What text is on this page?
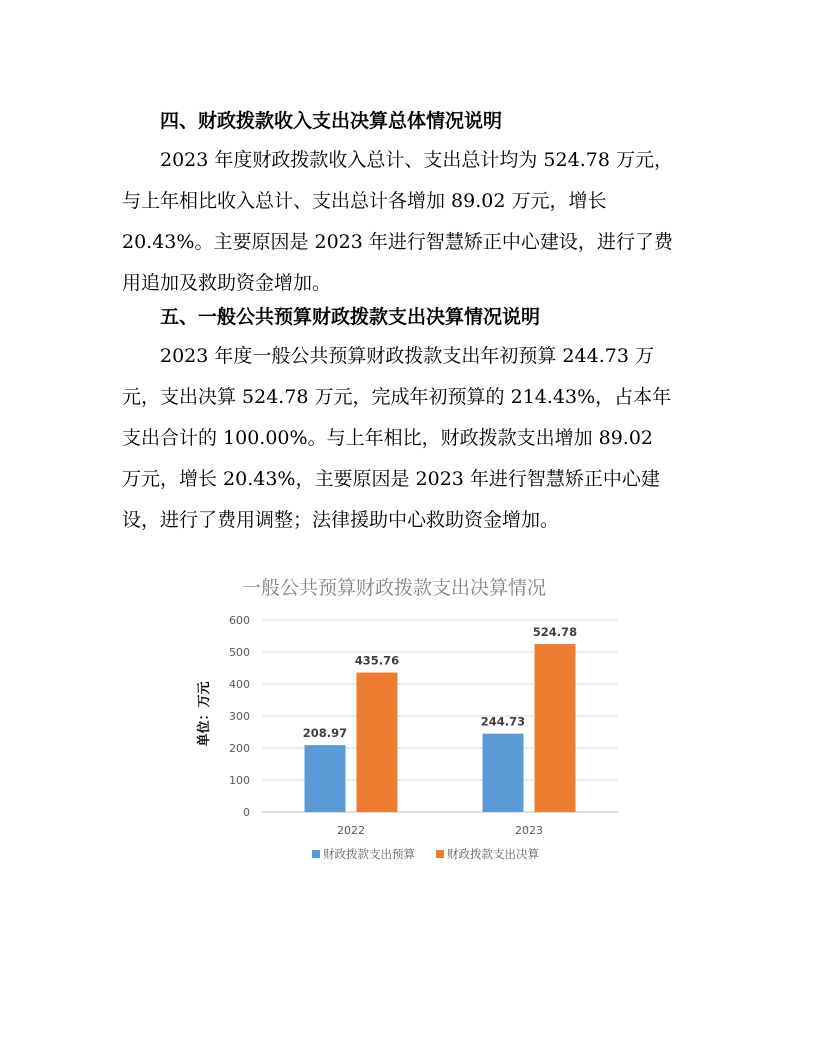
四、财政拨款收入支出决算总体情况说明
2023 年度财政拨款收入总计、支出总计均为 524.78 万元，
与上年相比收入总计、支出总计各增加 89.02 万元，增长
20.43%。主要原因是 2023 年进行智慧矫正中心建设，进行了费
用追加及救助资金增加。
五、一般公共预算财政拨款支出决算情况说明
2023 年度一般公共预算财政拨款支出年初预算 244.73 万
元，支出决算 524.78 万元，完成年初预算的 214.43%，占本年
支出合计的 100.00%。与上年相比，财政拨款支出增加 89.02
万元，增长 20.43%，主要原因是 2023 年进行智慧矫正中心建
设，进行了费用调整；法律援助中心救助资金增加。
一般公共预算财政拨款支出决算情况
单位：万元	208.97
435.76
244.73
524.78
0
100
200
300
400
500
600
2022	2023
财政拨款支出预算	财政拨款支出决算
